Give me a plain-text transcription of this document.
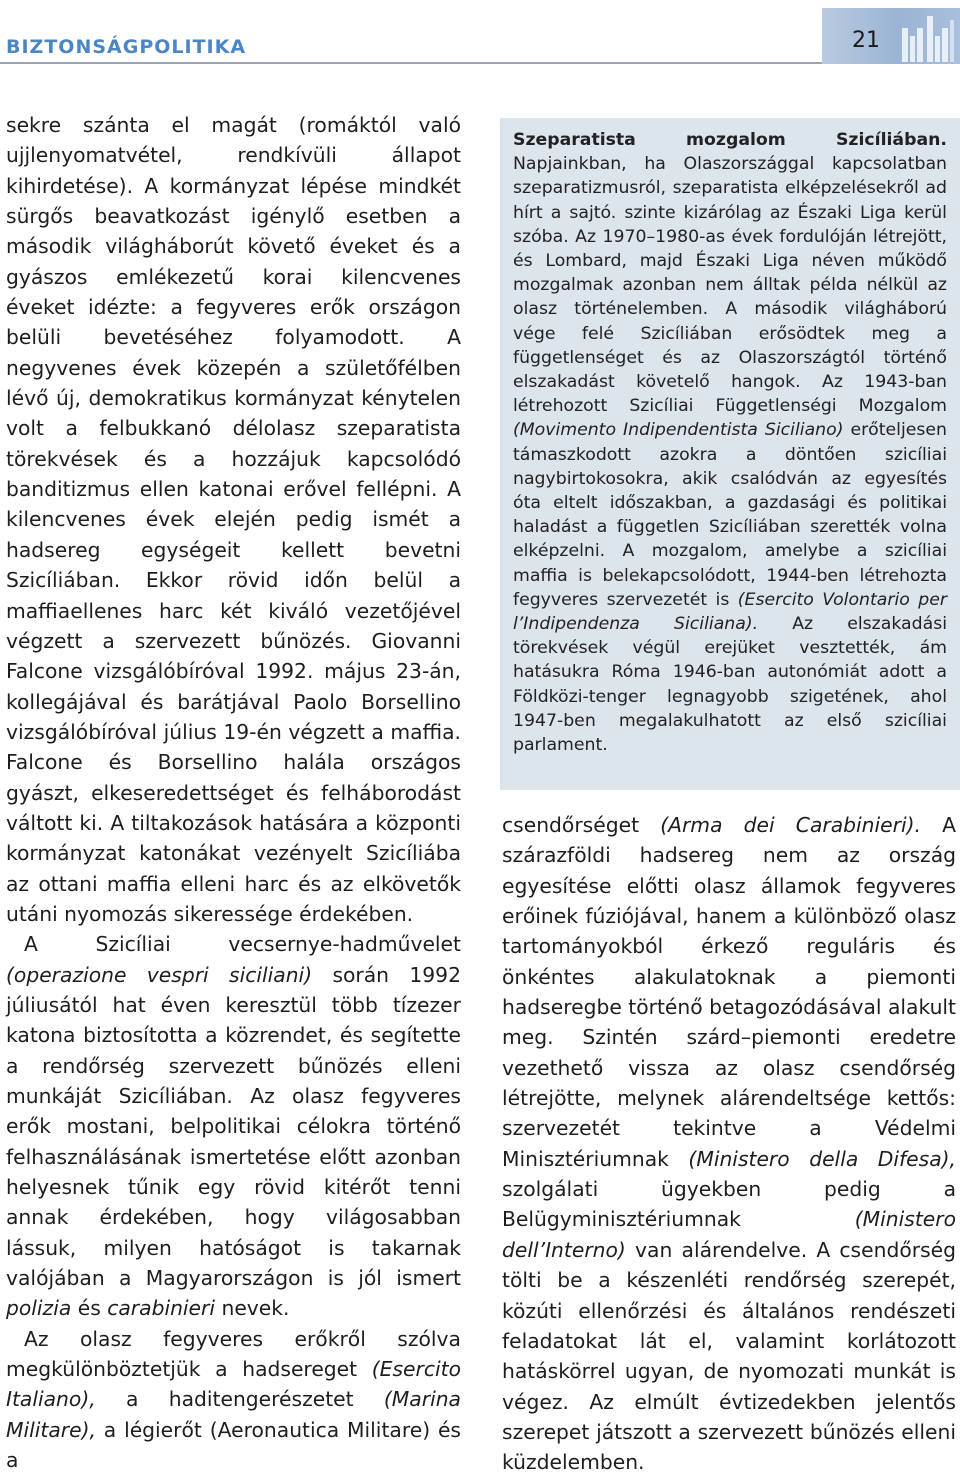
BIZTONSÁGPOLITIKA	21

sekre szánta el magát (romáktól való ujjlenyomatvétel, rendkívüli állapot kihirdetése). A kormányzat lépése mindkét sürgős beavatkozást igénylő esetben a második világháborút követő éveket és a gyászos emlékezetű korai kilencvenes éveket idézte: a fegyveres erők országon belüli bevetéséhez folyamodott. A negyvenes évek közepén a születőfélben lévő új, demokratikus kormányzat kénytelen volt a felbukkanó délolasz szeparatista törekvések és a hozzájuk kapcsolódó banditizmus ellen katonai erővel fellépni. A kilencvenes évek elején pedig ismét a hadsereg egységeit kellett bevetni Szicíliában. Ekkor rövid időn belül a maffiaellenes harc két kiváló vezetőjével végzett a szervezett bűnözés. Giovanni Falcone vizsgálóbíróval 1992. május 23-án, kollegájával és barátjával Paolo Borsellino vizsgálóbíróval július 19-én végzett a maffia. Falcone és Borsellino halála országos gyászt, elkeseredettséget és felháborodást váltott ki. A tiltakozások hatására a központi kormányzat katonákat vezényelt Szicíliába az ottani maffia elleni harc és az elkövetők utáni nyomozás sikeressége érdekében.

A Szicíliai vecsernye-hadművelet (operazione vespri siciliani) során 1992 júliusától hat éven keresztül több tízezer katona biztosította a közrendet, és segítette a rendőrség szervezett bűnözés elleni munkáját Szicíliában. Az olasz fegyveres erők mostani, belpolitikai célokra történő felhasználásának ismertetése előtt azonban helyesnek tűnik egy rövid kitérőt tenni annak érdekében, hogy világosabban lássuk, milyen hatóságot is takarnak valójában a Magyarországon is jól ismert polizia és carabinieri nevek.

Az olasz fegyveres erőkről szólva megkülönböztetjük a hadsereget (Esercito Italiano), a haditengerészetet (Marina Militare), a légierőt (Aeronautica Militare) és a

Szeparatista mozgalom Szicíliában. Napjainkban, ha Olaszországgal kapcsolatban szeparatizmusról, szeparatista elképzelésekről ad hírt a sajtó. szinte kizárólag az Északi Liga kerül szóba. Az 1970–1980-as évek fordulóján létrejött, és Lombard, majd Északi Liga néven működő mozgalmak azonban nem álltak példa nélkül az olasz történelemben. A második világháború vége felé Szicíliában erősödtek meg a függetlenséget és az Olaszországtól történő elszakadást követelő hangok. Az 1943-ban létrehozott Szicíliai Függetlenségi Mozgalom (Movimento Indipendentista Siciliano) erőteljesen támaszkodott azokra a döntően szicíliai nagybirtokosokra, akik csalódván az egyesítés óta eltelt időszakban, a gazdasági és politikai haladást a független Szicíliában szerették volna elképzelni. A mozgalom, amelybe a szicíliai maffia is belekapcsolódott, 1944-ben létrehozta fegyveres szervezetét is (Esercito Volontario per l’Indipendenza Siciliana). Az elszakadási törekvések végül erejüket vesztették, ám hatásukra Róma 1946-ban autonómiát adott a Földközi-tenger legnagyobb szigetének, ahol 1947-ben megalakulhatott az első szicíliai parlament.

csendőrséget (Arma dei Carabinieri). A szárazföldi hadsereg nem az ország egyesítése előtti olasz államok fegyveres erőinek fúziójával, hanem a különböző olasz tartományokból érkező reguláris és önkéntes alakulatoknak a piemonti hadseregbe történő betagozódásával alakult meg. Szintén szárd–piemonti eredetre vezethető vissza az olasz csendőrség létrejötte, melynek alárendeltsége kettős: szervezetét tekintve a Védelmi Minisztériumnak (Ministero della Difesa), szolgálati ügyekben pedig a Belügyminisztériumnak (Ministero dell’Interno) van alárendelve. A csendőrség tölti be a készenléti rendőrség szerepét, közúti ellenőrzési és általános rendészeti feladatokat lát el, valamint korlátozott hatáskörrel ugyan, de nyomozati munkát is végez. Az elmúlt évtizedekben jelentős szerepet játszott a szervezett bűnözés elleni küzdelemben.
